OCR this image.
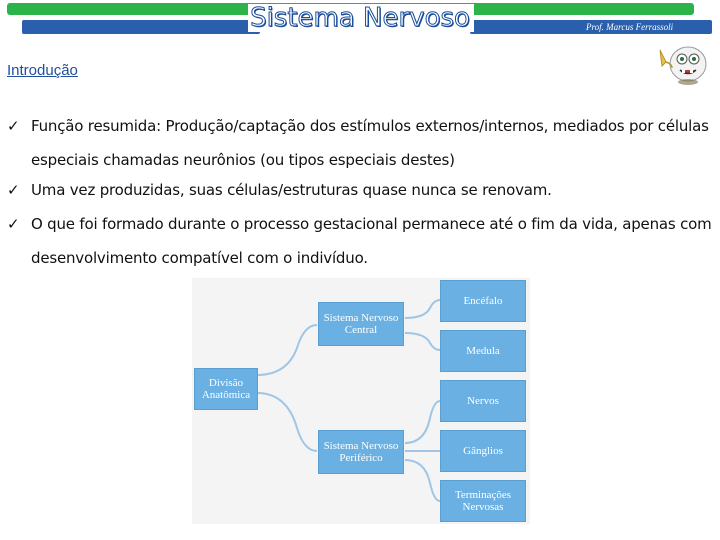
Sistema Nervoso	Prof. Marcus Ferrassoli
Introdução
✓ Função resumida: Produção/captação dos estímulos externos/internos, mediados por células
especiais chamadas neurônios (ou tipos especiais destes)
✓ Uma vez produzidas, suas células/estruturas quase nunca se renovam.
✓ O que foi formado durante o processo gestacional permanece até o fim da vida, apenas com
desenvolvimento compatível com o indivíduo.
Divisão Anatômica
Sistema Nervoso Central
Sistema Nervoso Periférico
Encéfalo
Medula
Nervos
Gânglios
Terminações Nervosas
